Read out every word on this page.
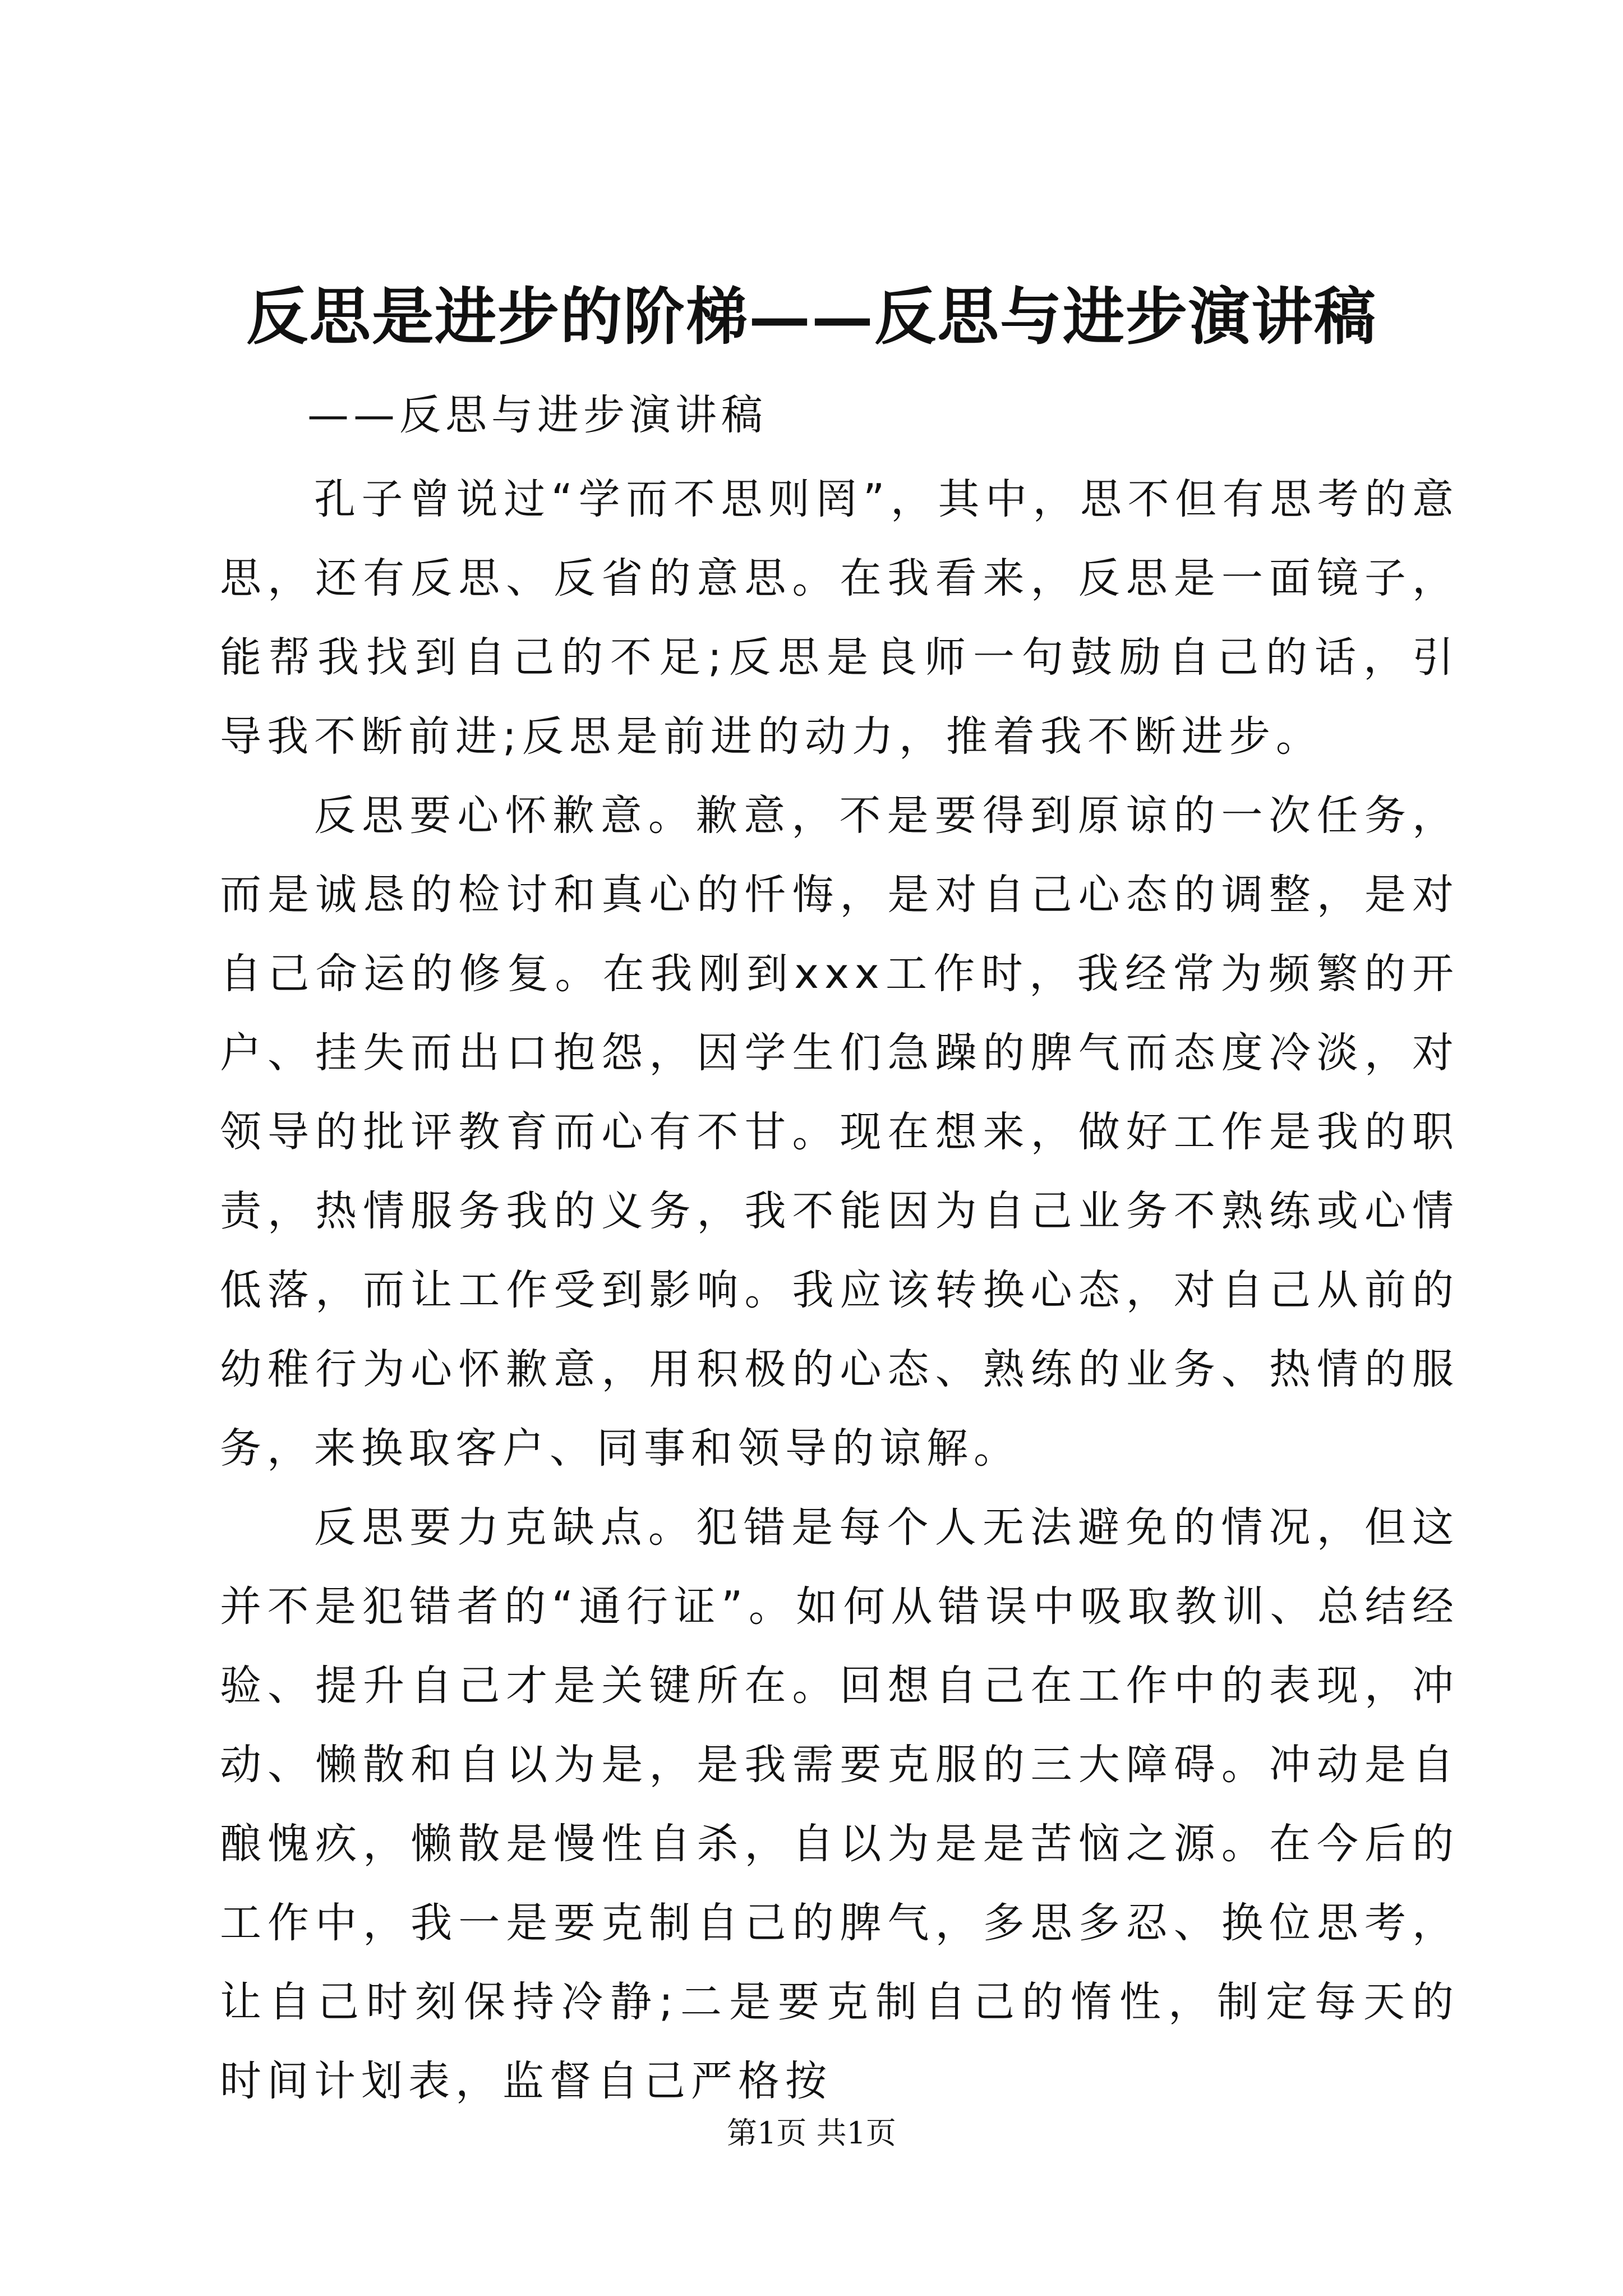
反思是进步的阶梯——反思与进步演讲稿
——反思与进步演讲稿

孔子曾说过“学而不思则罔”，其中，思不但有思考的意思，还有反思、反省的意思。在我看来，反思是一面镜子，能帮我找到自己的不足;反思是良师一句鼓励自己的话，引导我不断前进;反思是前进的动力，推着我不断进步。

反思要心怀歉意。歉意，不是要得到原谅的一次任务，而是诚恳的检讨和真心的忏悔，是对自己心态的调整，是对自己命运的修复。在我刚到xxx工作时，我经常为频繁的开户、挂失而出口抱怨，因学生们急躁的脾气而态度冷淡，对领导的批评教育而心有不甘。现在想来，做好工作是我的职责，热情服务我的义务，我不能因为自己业务不熟练或心情低落，而让工作受到影响。我应该转换心态，对自己从前的幼稚行为心怀歉意，用积极的心态、熟练的业务、热情的服务，来换取客户、同事和领导的谅解。

反思要力克缺点。犯错是每个人无法避免的情况，但这并不是犯错者的“通行证”。如何从错误中吸取教训、总结经验、提升自己才是关键所在。回想自己在工作中的表现，冲动、懒散和自以为是，是我需要克服的三大障碍。冲动是自酿愧疚，懒散是慢性自杀，自以为是是苦恼之源。在今后的工作中，我一是要克制自己的脾气，多思多忍、换位思考，让自己时刻保持冷静;二是要克制自己的惰性，制定每天的时间计划表，监督自己严格按

第1页 共1页
